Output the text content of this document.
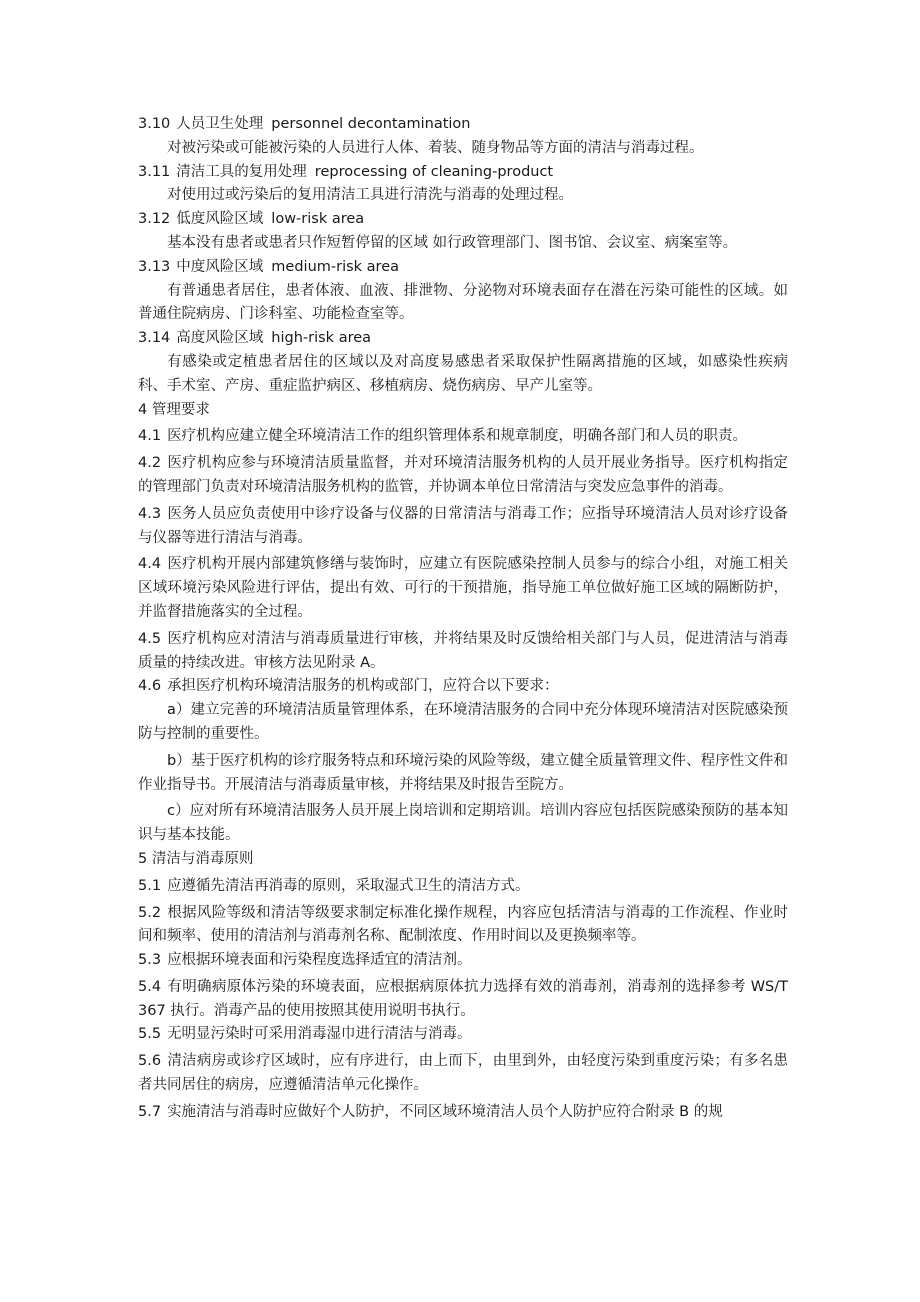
3.10 人员卫生处理 personnel decontamination

对被污染或可能被污染的人员进行人体、着装、随身物品等方面的清洁与消毒过程。

3.11 清洁工具的复用处理 reprocessing of cleaning-product

对使用过或污染后的复用清洁工具进行清洗与消毒的处理过程。

3.12 低度风险区域 low-risk area

基本没有患者或患者只作短暂停留的区域 如行政管理部门、图书馆、会议室、病案室等。

3.13 中度风险区域 medium-risk area

有普通患者居住，患者体液、血液、排泄物、分泌物对环境表面存在潜在污染可能性的区域。如普通住院病房、门诊科室、功能检查室等。

3.14 高度风险区域 high-risk area

有感染或定植患者居住的区域以及对高度易感患者采取保护性隔离措施的区域，如感染性疾病科、手术室、产房、重症监护病区、移植病房、烧伤病房、早产儿室等。

4 管理要求

4.1 医疗机构应建立健全环境清洁工作的组织管理体系和规章制度，明确各部门和人员的职责。

4.2 医疗机构应参与环境清洁质量监督，并对环境清洁服务机构的人员开展业务指导。医疗机构指定的管理部门负责对环境清洁服务机构的监管，并协调本单位日常清洁与突发应急事件的消毒。

4.3 医务人员应负责使用中诊疗设备与仪器的日常清洁与消毒工作；应指导环境清洁人员对诊疗设备与仪器等进行清洁与消毒。

4.4 医疗机构开展内部建筑修缮与装饰时，应建立有医院感染控制人员参与的综合小组，对施工相关区域环境污染风险进行评估，提出有效、可行的干预措施，指导施工单位做好施工区域的隔断防护，并监督措施落实的全过程。

4.5 医疗机构应对清洁与消毒质量进行审核，并将结果及时反馈给相关部门与人员，促进清洁与消毒质量的持续改进。审核方法见附录 A。

4.6 承担医疗机构环境清洁服务的机构或部门，应符合以下要求：

a）建立完善的环境清洁质量管理体系，在环境清洁服务的合同中充分体现环境清洁对医院感染预防与控制的重要性。

b）基于医疗机构的诊疗服务特点和环境污染的风险等级，建立健全质量管理文件、程序性文件和作业指导书。开展清洁与消毒质量审核，并将结果及时报告至院方。

c）应对所有环境清洁服务人员开展上岗培训和定期培训。培训内容应包括医院感染预防的基本知识与基本技能。

5 清洁与消毒原则

5.1 应遵循先清洁再消毒的原则，采取湿式卫生的清洁方式。

5.2 根据风险等级和清洁等级要求制定标准化操作规程，内容应包括清洁与消毒的工作流程、作业时间和频率、使用的清洁剂与消毒剂名称、配制浓度、作用时间以及更换频率等。

5.3 应根据环境表面和污染程度选择适宜的清洁剂。

5.4 有明确病原体污染的环境表面，应根据病原体抗力选择有效的消毒剂，消毒剂的选择参考 WS/T 367 执行。消毒产品的使用按照其使用说明书执行。

5.5 无明显污染时可采用消毒湿巾进行清洁与消毒。

5.6 清洁病房或诊疗区域时，应有序进行，由上而下，由里到外，由轻度污染到重度污染；有多名患者共同居住的病房，应遵循清洁单元化操作。

5.7 实施清洁与消毒时应做好个人防护，不同区域环境清洁人员个人防护应符合附录 B 的规
